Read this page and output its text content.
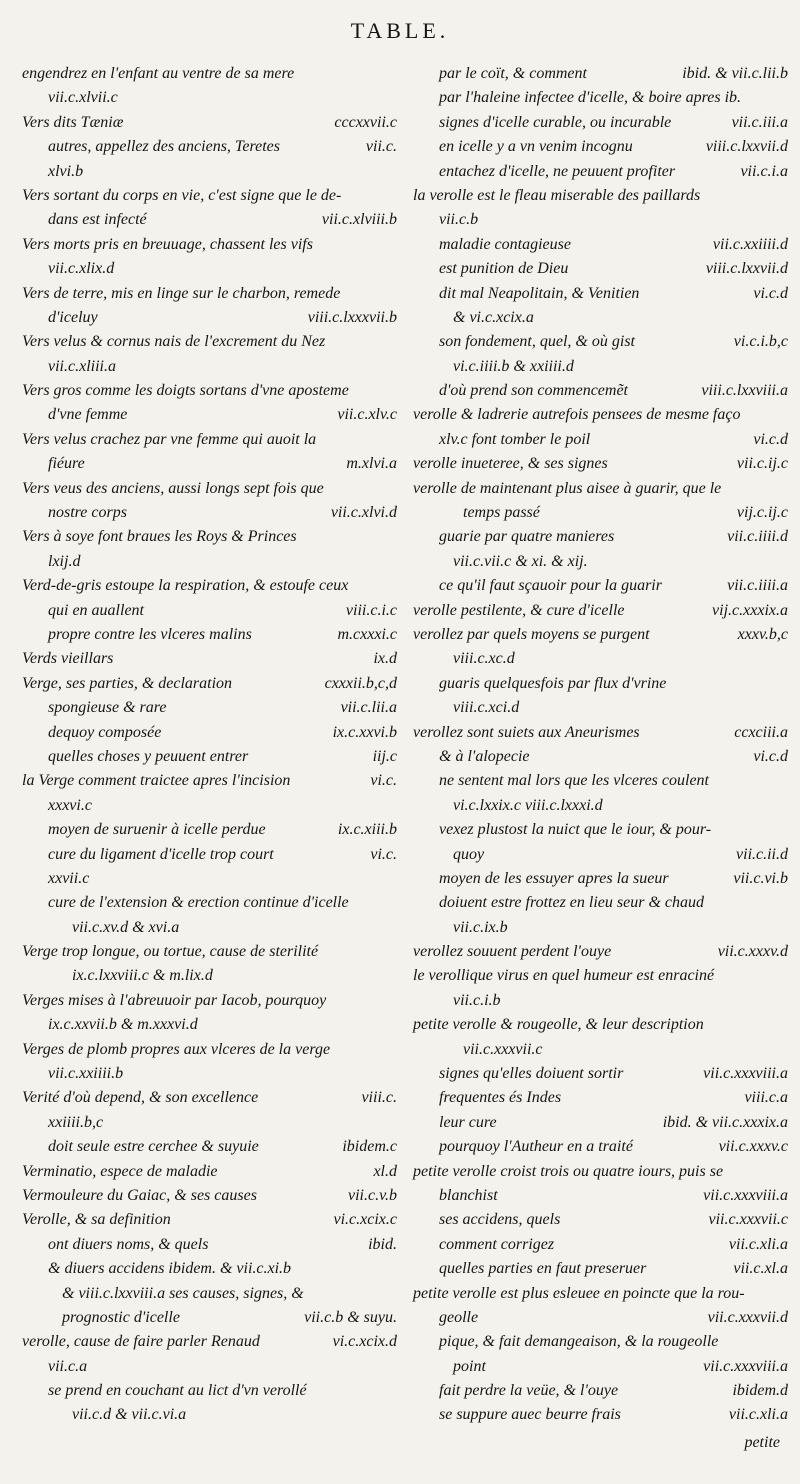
TABLE.
engendrez en l'enfant au ventre de sa mere
vii.c.xlvii.c
Vers dits Tæniæ	cccxxvii.c
autres, appellez des anciens, Teretes	vii.c.
xlvi.b
Vers sortant du corps en vie, c'est signe que le de-
dans est infecté	vii.c.xlviii.b
Vers morts pris en breuuage, chassent les vifs
vii.c.xlix.d
Vers de terre, mis en linge sur le charbon, remede
d'iceluy	viii.c.lxxxvii.b
Vers velus & cornus nais de l'excrement du Nez
vii.c.xliii.a
Vers gros comme les doigts sortans d'vne aposteme
d'vne femme	vii.c.xlv.c
Vers velus crachez par vne femme qui auoit la
fiéure	m.xlvi.a
Vers veus des anciens, aussi longs sept fois que
nostre corps	vii.c.xlvi.d
Vers à soye font braues les Roys & Princes
lxij.d
Verd-de-gris estoupe la respiration, & estoufe ceux
qui en auallent	viii.c.i.c
propre contre les vlceres malins	m.cxxxi.c
Verds vieillars	ix.d
Verge, ses parties, & declaration	cxxxii.b,c,d
spongieuse & rare	vii.c.lii.a
dequoy composée	ix.c.xxvi.b
quelles choses y peuuent entrer	iij.c
la Verge comment traictee apres l'incision	vi.c.
xxxvi.c
moyen de suruenir à icelle perdue	ix.c.xiii.b
cure du ligament d'icelle trop court	vi.c.
xxvii.c
cure de l'extension & erection continue d'icelle
vii.c.xv.d & xvi.a
Verge trop longue, ou tortue, cause de sterilité
ix.c.lxxviii.c & m.lix.d
Verges mises à l'abreuuoir par Iacob, pourquoy
ix.c.xxvii.b & m.xxxvi.d
Verges de plomb propres aux vlceres de la verge
vii.c.xxiiii.b
Verité d'où depend, & son excellence	viii.c.
xxiiii.b,c
doit seule estre cerchee & suyuie	ibidem.c
Verminatio, espece de maladie	xl.d
Vermouleure du Gaiac, & ses causes	vii.c.v.b
Verolle, & sa definition	vi.c.xcix.c
ont diuers noms, & quels	ibid.
& diuers accidens ibidem. & vii.c.xi.b
& viii.c.lxxviii.a ses causes, signes, &
prognostic d'icelle	vii.c.b & suyu.
verolle, cause de faire parler Renaud	vi.c.xcix.d
vii.c.a
se prend en couchant au lict d'vn verollé
vii.c.d & vii.c.vi.a
par le coït, & comment	ibid. & vii.c.lii.b
par l'haleine infectee d'icelle, & boire apres ib.
signes d'icelle curable, ou incurable	vii.c.iii.a
en icelle y a vn venim incognu	viii.c.lxxvii.d
entachez d'icelle, ne peuuent profiter	vii.c.i.a
la verolle est le fleau miserable des paillards
vii.c.b
maladie contagieuse	vii.c.xxiiii.d
est punition de Dieu	viii.c.lxxvii.d
dit mal Neapolitain, & Venitien	vi.c.d
& vi.c.xcix.a
son fondement, quel, & où gist	vi.c.i.b,c
vi.c.iiii.b & xxiiii.d
d'où prend son commencemẽt	viii.c.lxxviii.a
verolle & ladrerie autrefois pensees de mesme faço
xlv.c font tomber le poil	vi.c.d
verolle inueteree, & ses signes	vii.c.ij.c
verolle de maintenant plus aisee à guarir, que le
temps passé	vij.c.ij.c
guarie par quatre manieres	vii.c.iiii.d
vii.c.vii.c & xi. & xij.
ce qu'il faut sçauoir pour la guarir	vii.c.iiii.a
verolle pestilente, & cure d'icelle	vij.c.xxxix.a
verollez par quels moyens se purgent	xxxv.b,c
viii.c.xc.d
guaris quelquesfois par flux d'vrine
viii.c.xci.d
verollez sont suiets aux Aneurismes	ccxciii.a
& à l'alopecie	vi.c.d
ne sentent mal lors que les vlceres coulent
vi.c.lxxix.c viii.c.lxxxi.d
vexez plustost la nuict que le iour, & pour-
quoy	vii.c.ii.d
moyen de les essuyer apres la sueur	vii.c.vi.b
doiuent estre frottez en lieu seur & chaud
vii.c.ix.b
verollez souuent perdent l'ouye	vii.c.xxxv.d
le verollique virus en quel humeur est enraciné
vii.c.i.b
petite verolle & rougeolle, & leur description
vii.c.xxxvii.c
signes qu'elles doiuent sortir	vii.c.xxxviii.a
frequentes és Indes	viii.c.a
leur cure	ibid. & vii.c.xxxix.a
pourquoy l'Autheur en a traité	vii.c.xxxv.c
petite verolle croist trois ou quatre iours, puis se
blanchist	vii.c.xxxviii.a
ses accidens, quels	vii.c.xxxvii.c
comment corrigez	vii.c.xli.a
quelles parties en faut preseruer	vii.c.xl.a
petite verolle est plus esleuee en poincte que la rou-
geolle	vii.c.xxxvii.d
pique, & fait demangeaison, & la rougeolle
point	vii.c.xxxviii.a
fait perdre la veüe, & l'ouye	ibidem.d
se suppure auec beurre frais	vii.c.xli.a
petite
